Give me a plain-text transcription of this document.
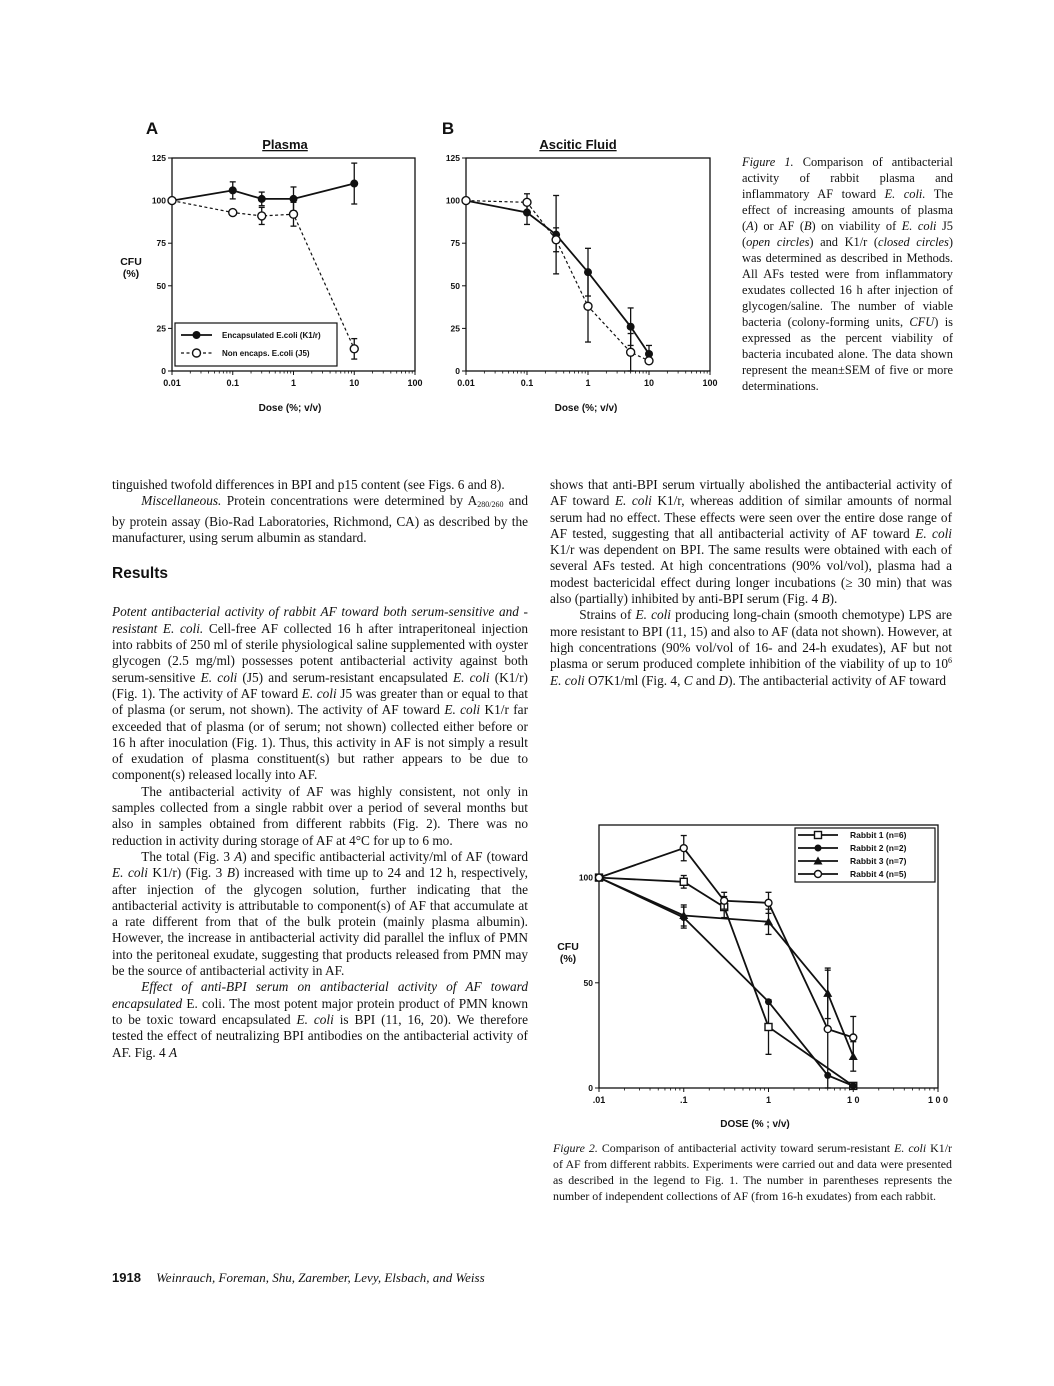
A
Plasma
CFU
(%)
Dose (%; v/v)
0.01	0.1	1	10	100
0
25
50
75
100
125
Encapsulated E.coli (K1/r)
Non encaps. E.coli (J5)
B
Ascitic Fluid
Dose (%; v/v)
0.01	0.1	1	10	100
0
25
50
75
100
125
CFU
(%)
DOSE (% ; v/v)
.01	.1	1	1 0	1 0 0
0
50
100
Rabbit 1 (n=6)
Rabbit 2 (n=2)
Rabbit 3 (n=7)
Rabbit 4 (n=5)
Figure 1. Comparison of antibacterial activity of rabbit plasma and inflammatory AF toward E. coli. The effect of increasing amounts of plasma (A) or AF (B) on viability of E. coli J5 (open circles) and K1/r (closed circles) was determined as described in Methods. All AFs tested were from inflammatory exudates collected 16 h after injection of glycogen/saline. The number of viable bacteria (colony-forming units, CFU) is expressed as the percent viability of bacteria incubated alone. The data shown represent the mean±SEM of five or more determinations.

tinguished twofold differences in BPI and p15 content (see Figs. 6 and 8).

Miscellaneous. Protein concentrations were determined by $A_{280/260}$ and by protein assay (Bio-Rad Laboratories, Richmond, CA) as described by the manufacturer, using serum albumin as standard.

Results

Potent antibacterial activity of rabbit AF toward both serum-sensitive and -resistant E. coli. Cell-free AF collected 16 h after intraperitoneal injection into rabbits of 250 ml of sterile physiological saline supplemented with oyster glycogen (2.5 mg/ml) possesses potent antibacterial activity against both serum-sensitive E. coli (J5) and serum-resistant encapsulated E. coli (K1/r) (Fig. 1). The activity of AF toward E. coli J5 was greater than or equal to that of plasma (or serum, not shown). The activity of AF toward E. coli K1/r far exceeded that of plasma (or of serum; not shown) collected either before or 16 h after inoculation (Fig. 1). Thus, this activity in AF is not simply a result of exudation of plasma constituent(s) but rather appears to be due to component(s) released locally into AF.

The antibacterial activity of AF was highly consistent, not only in samples collected from a single rabbit over a period of several months but also in samples obtained from different rabbits (Fig. 2). There was no reduction in activity during storage of AF at 4°C for up to 6 mo.

The total (Fig. 3 A) and specific antibacterial activity/ml of AF (toward E. coli K1/r) (Fig. 3 B) increased with time up to 24 and 12 h, respectively, after injection of the glycogen solution, further indicating that the antibacterial activity is attributable to component(s) of AF that accumulate at a rate different from that of the bulk protein (mainly plasma albumin). However, the increase in antibacterial activity did parallel the influx of PMN into the peritoneal exudate, suggesting that products released from PMN may be the source of antibacterial activity in AF.

Effect of anti-BPI serum on antibacterial activity of AF toward encapsulated E. coli. The most potent major protein product of PMN known to be toxic toward encapsulated E. coli is BPI (11, 16, 20). We therefore tested the effect of neutralizing BPI antibodies on the antibacterial activity of AF. Fig. 4 A

shows that anti-BPI serum virtually abolished the antibacterial activity of AF toward E. coli K1/r, whereas addition of similar amounts of normal serum had no effect. These effects were seen over the entire dose range of AF tested, suggesting that all antibacterial activity of AF toward E. coli K1/r was dependent on BPI. The same results were obtained with each of several AFs tested. At high concentrations (90% vol/vol), plasma had a modest bactericidal effect during longer incubations (≥ 30 min) that was also (partially) inhibited by anti-BPI serum (Fig. 4 B).

Strains of E. coli producing long-chain (smooth chemotype) LPS are more resistant to BPI (11, 15) and also to AF (data not shown). However, at high concentrations (90% vol/vol of 16- and 24-h exudates), AF but not plasma or serum produced complete inhibition of the viability of up to $10^6$ E. coli O7K1/ml (Fig. 4, C and D). The antibacterial activity of AF toward

Figure 2. Comparison of antibacterial activity toward serum-resistant E. coli K1/r of AF from different rabbits. Experiments were carried out and data were presented as described in the legend to Fig. 1. The number in parentheses represents the number of independent collections of AF (from 16-h exudates) from each rabbit.
1918 Weinrauch, Foreman, Shu, Zarember, Levy, Elsbach, and Weiss
